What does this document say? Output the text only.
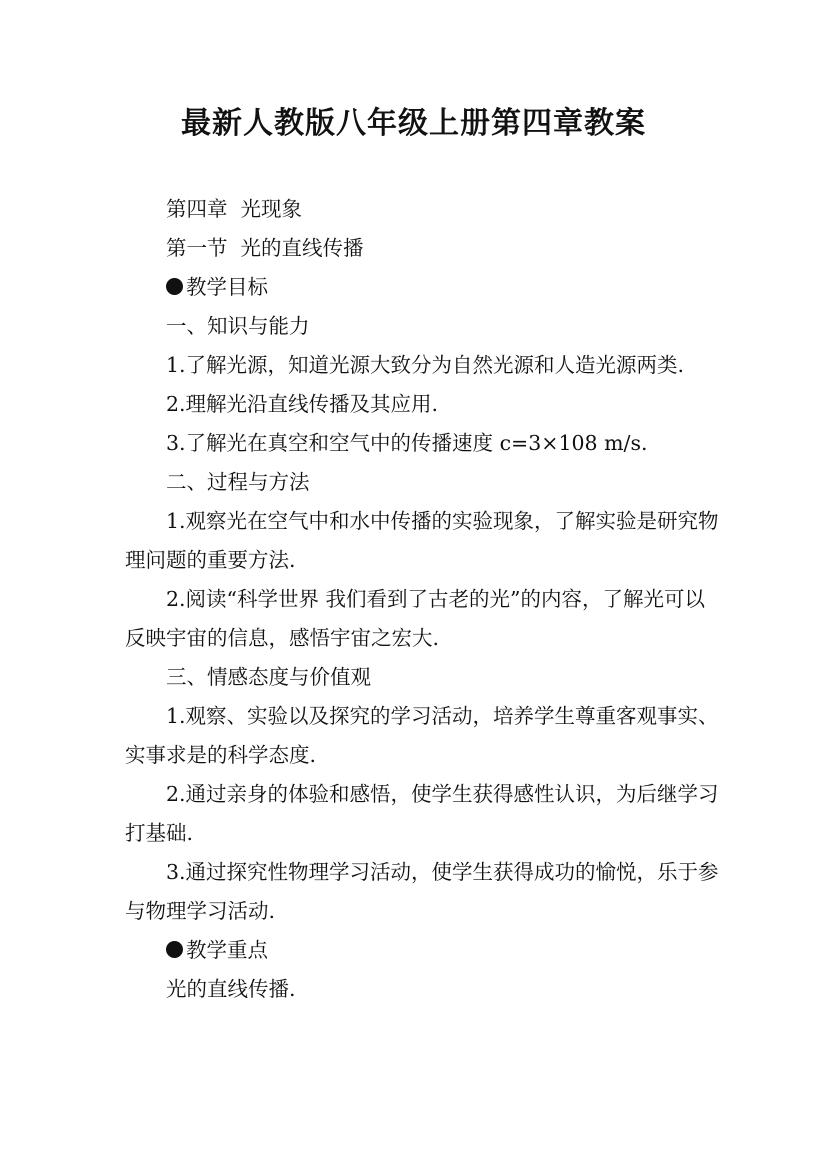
最新人教版八年级上册第四章教案

第四章  光现象

第一节  光的直线传播

教学目标

一、知识与能力

1.了解光源，知道光源大致分为自然光源和人造光源两类.

2.理解光沿直线传播及其应用.

3.了解光在真空和空气中的传播速度 c=3×108 m/s.

二、过程与方法

1.观察光在空气中和水中传播的实验现象，了解实验是研究物理问题的重要方法.

2.阅读“科学世界 我们看到了古老的光”的内容，了解光可以反映宇宙的信息，感悟宇宙之宏大.

三、情感态度与价值观

1.观察、实验以及探究的学习活动，培养学生尊重客观事实、实事求是的科学态度.

2.通过亲身的体验和感悟，使学生获得感性认识，为后继学习打基础.

3.通过探究性物理学习活动，使学生获得成功的愉悦，乐于参与物理学习活动.

教学重点

光的直线传播.
